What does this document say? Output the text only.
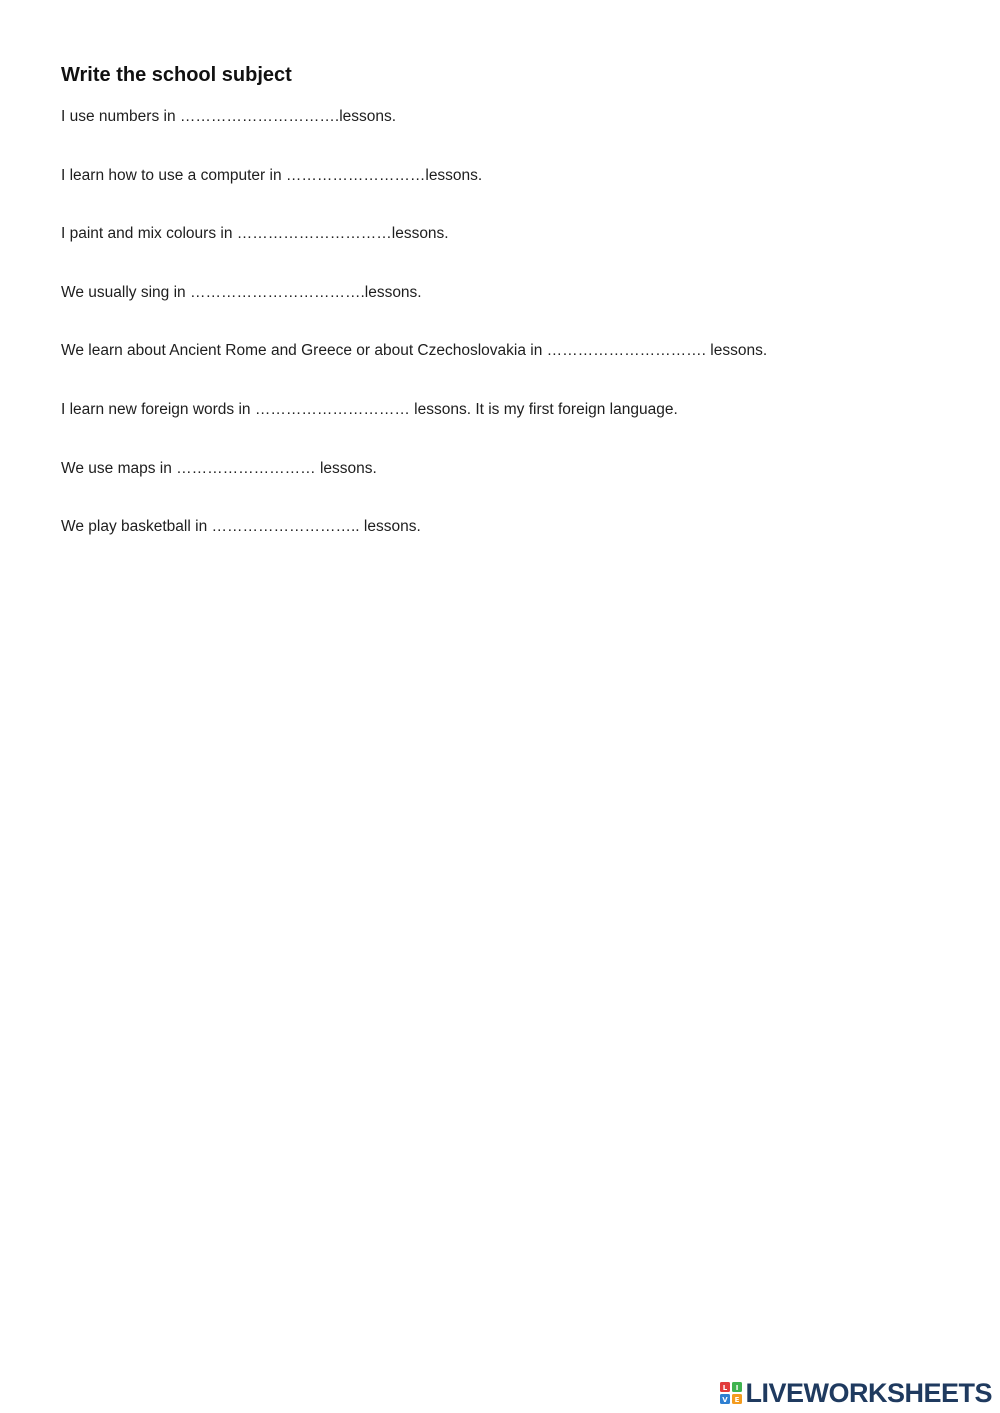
Write the school subject
I use numbers in ………………………….lessons.
I learn how to use a computer in ………………………lessons.
I paint and mix colours in …………………………lessons.
We usually sing in …………………………….lessons.
We learn about Ancient Rome and Greece or about Czechoslovakia in …………………………. lessons.
I learn new foreign words in ………………………… lessons. It is my first foreign language.
We use maps in ……………………… lessons.
We play basketball in ……………………….. lessons.
L I
V E LIVEWORKSHEETS
